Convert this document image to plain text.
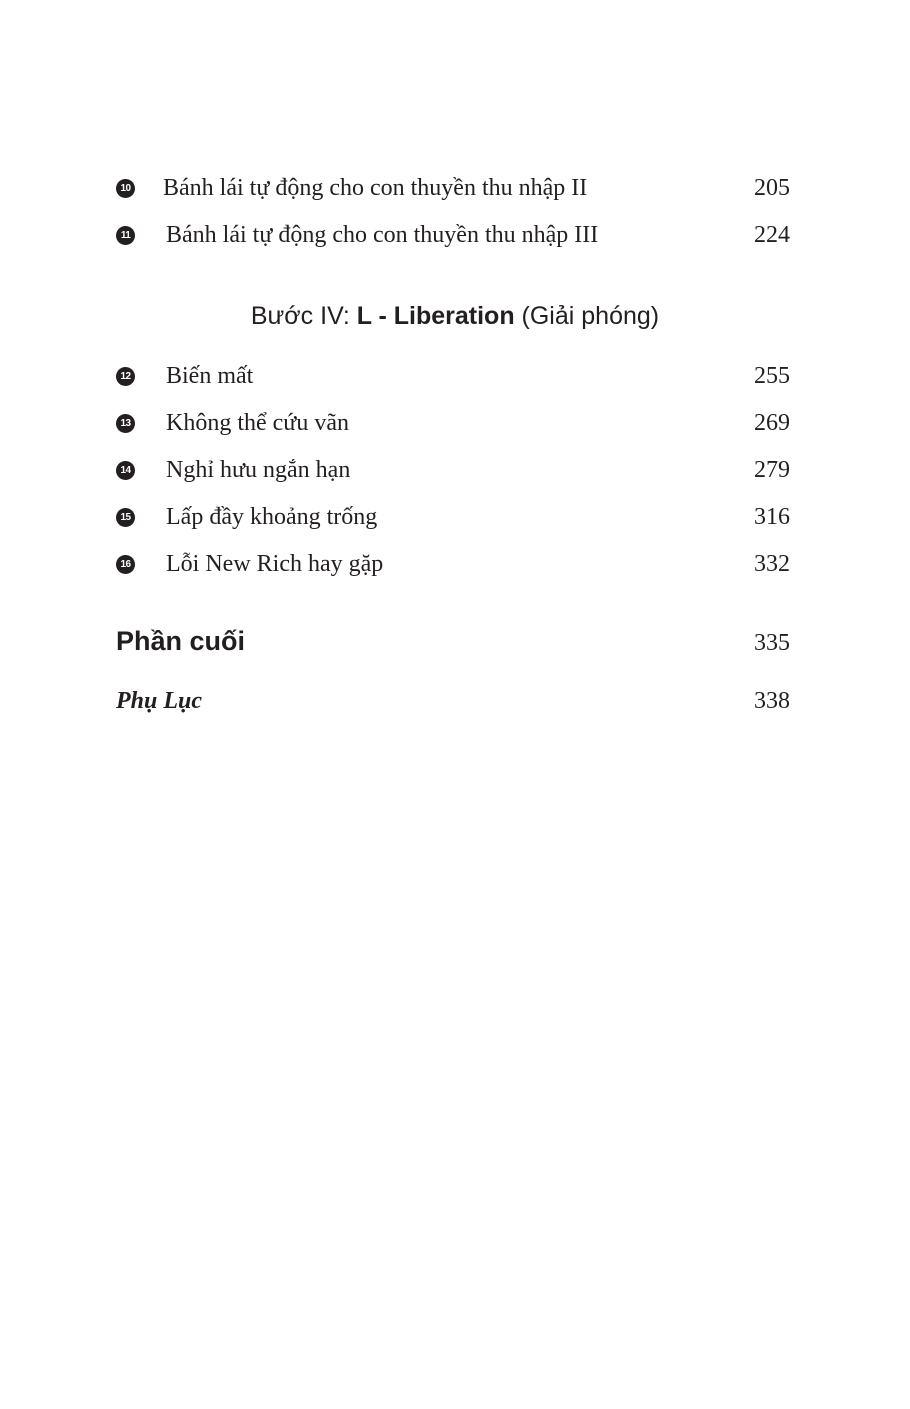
10 Bánh lái tự động cho con thuyền thu nhập II	205
11 Bánh lái tự động cho con thuyền thu nhập III	224
Bước IV: L - Liberation (Giải phóng)
12 Biến mất	255
13 Không thể cứu vãn	269
14 Nghỉ hưu ngắn hạn	279
15 Lấp đầy khoảng trống	316
16 Lỗi New Rich hay gặp	332
Phần cuối	335
Phụ Lục	338
